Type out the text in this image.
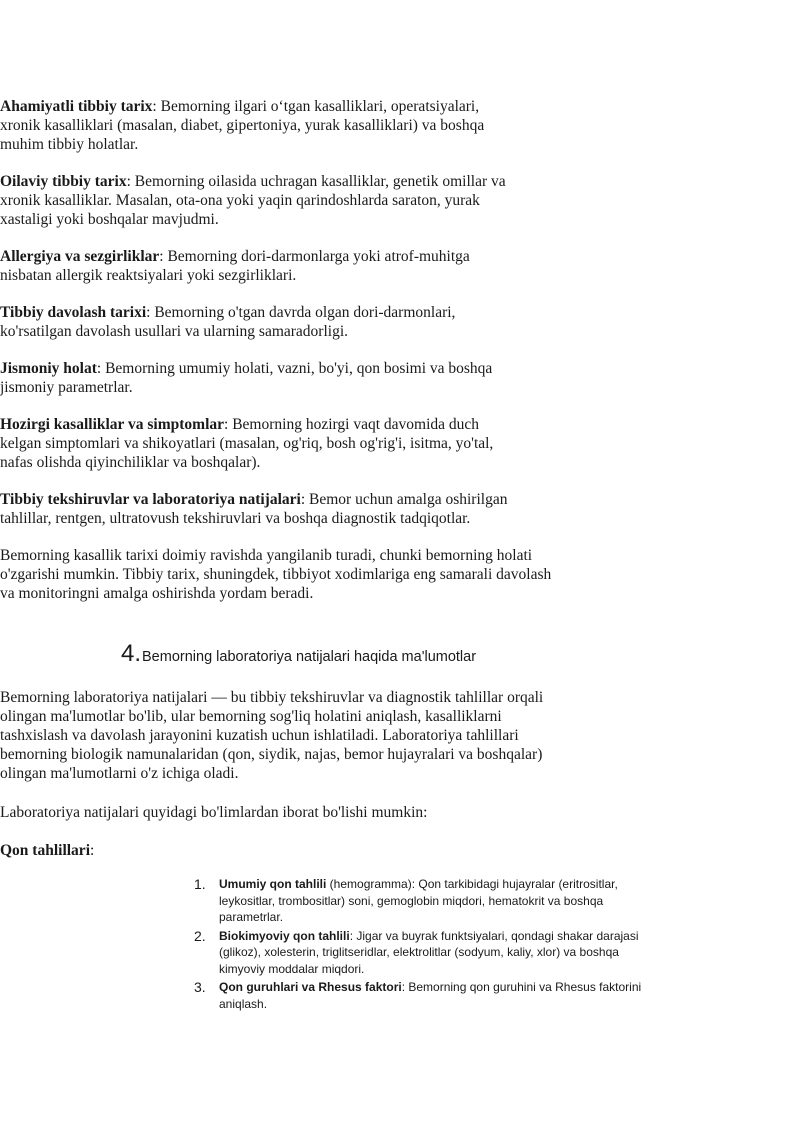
Ahamiyatli tibbiy tarix: Bemorning ilgari o‘tgan kasalliklari, operatsiyalari, xronik kasalliklari (masalan, diabet, gipertoniya, yurak kasalliklari) va boshqa muhim tibbiy holatlar.

Oilaviy tibbiy tarix: Bemorning oilasida uchragan kasalliklar, genetik omillar va xronik kasalliklar. Masalan, ota-ona yoki yaqin qarindoshlarda saraton, yurak xastaligi yoki boshqalar mavjudmi.

Allergiya va sezgirliklar: Bemorning dori-darmonlarga yoki atrof-muhitga nisbatan allergik reaktsiyalari yoki sezgirliklari.

Tibbiy davolash tarixi: Bemorning o'tgan davrda olgan dori-darmonlari, ko'rsatilgan davolash usullari va ularning samaradorligi.

Jismoniy holat: Bemorning umumiy holati, vazni, bo'yi, qon bosimi va boshqa jismoniy parametrlar.

Hozirgi kasalliklar va simptomlar: Bemorning hozirgi vaqt davomida duch kelgan simptomlari va shikoyatlari (masalan, og'riq, bosh og'rig'i, isitma, yo'tal, nafas olishda qiyinchiliklar va boshqalar).

Tibbiy tekshiruvlar va laboratoriya natijalari: Bemor uchun amalga oshirilgan tahlillar, rentgen, ultratovush tekshiruvlari va boshqa diagnostik tadqiqotlar.

Bemorning kasallik tarixi doimiy ravishda yangilanib turadi, chunki bemorning holati o'zgarishi mumkin. Tibbiy tarix, shuningdek, tibbiyot xodimlariga eng samarali davolash va monitoringni amalga oshirishda yordam beradi.

4. Bemorning laboratoriya natijalari haqida ma'lumotlar

Bemorning laboratoriya natijalari — bu tibbiy tekshiruvlar va diagnostik tahlillar orqali olingan ma'lumotlar bo'lib, ular bemorning sog'liq holatini aniqlash, kasalliklarni tashxislash va davolash jarayonini kuzatish uchun ishlatiladi. Laboratoriya tahlillari bemorning biologik namunalaridan (qon, siydik, najas, bemor hujayralari va boshqalar) olingan ma'lumotlarni o'z ichiga oladi.

Laboratoriya natijalari quyidagi bo'limlardan iborat bo'lishi mumkin:

Qon tahlillari:

1.	Umumiy qon tahlili (hemogramma): Qon tarkibidagi hujayralar (eritrositlar, leykositlar, trombositlar) soni, gemoglobin miqdori, hematokrit va boshqa parametrlar.
2.	Biokimyoviy qon tahlili: Jigar va buyrak funktsiyalari, qondagi shakar darajasi (glikoz), xolesterin, triglitseridlar, elektrolitlar (sodyum, kaliy, xlor) va boshqa kimyoviy moddalar miqdori.
3.	Qon guruhlari va Rhesus faktori: Bemorning qon guruhini va Rhesus faktorini aniqlash.
